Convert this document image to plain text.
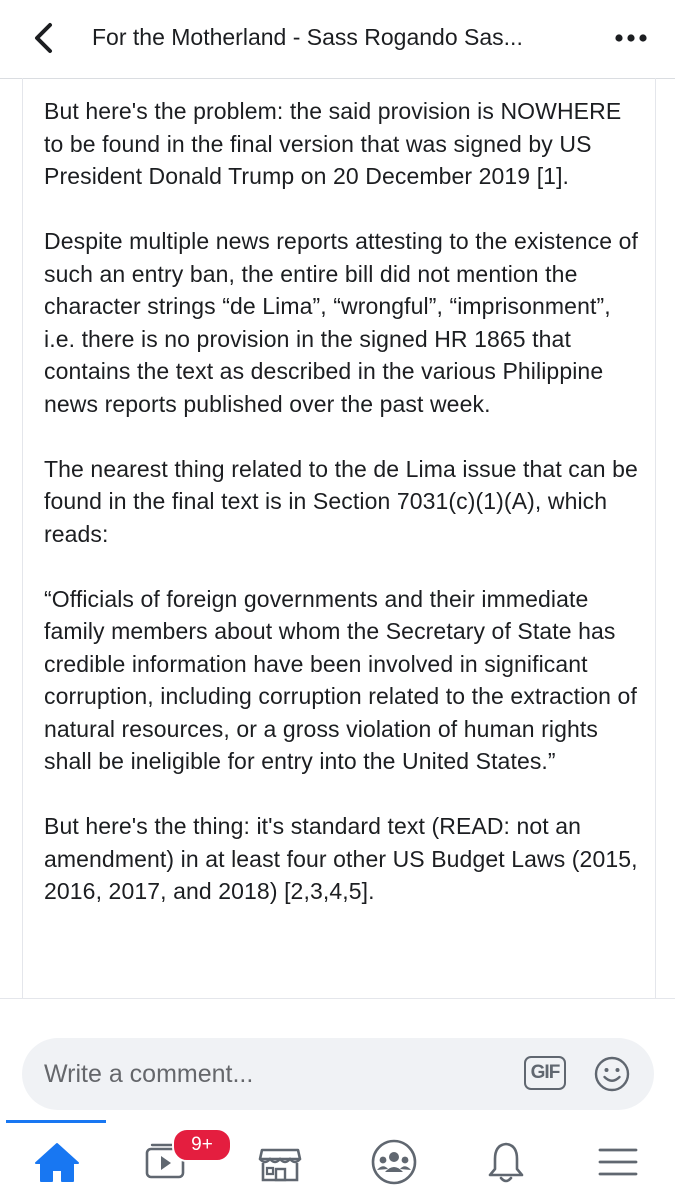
For the Motherland - Sass Rogando Sas...

But here's the problem: the said provision is NOWHERE to be found in the final version that was signed by US President Donald Trump on 20 December 2019 [1].

Despite multiple news reports attesting to the existence of such an entry ban, the entire bill did not mention the character strings “de Lima”, “wrongful”, “imprisonment”, i.e. there is no provision in the signed HR 1865 that contains the text as described in the various Philippine news reports published over the past week.

The nearest thing related to the de Lima issue that can be found in the final text is in Section 7031(c)(1)(A), which reads:

“Officials of foreign governments and their immediate family members about whom the Secretary of State has credible information have been involved in significant corruption, including corruption related to the extraction of natural resources, or a gross violation of human rights shall be ineligible for entry into the United States.”

But here's the thing: it's standard text (READ: not an amendment) in at least four other US Budget Laws (2015, 2016, 2017, and 2018) [2,3,4,5].

Write a comment...	GIF
9+
